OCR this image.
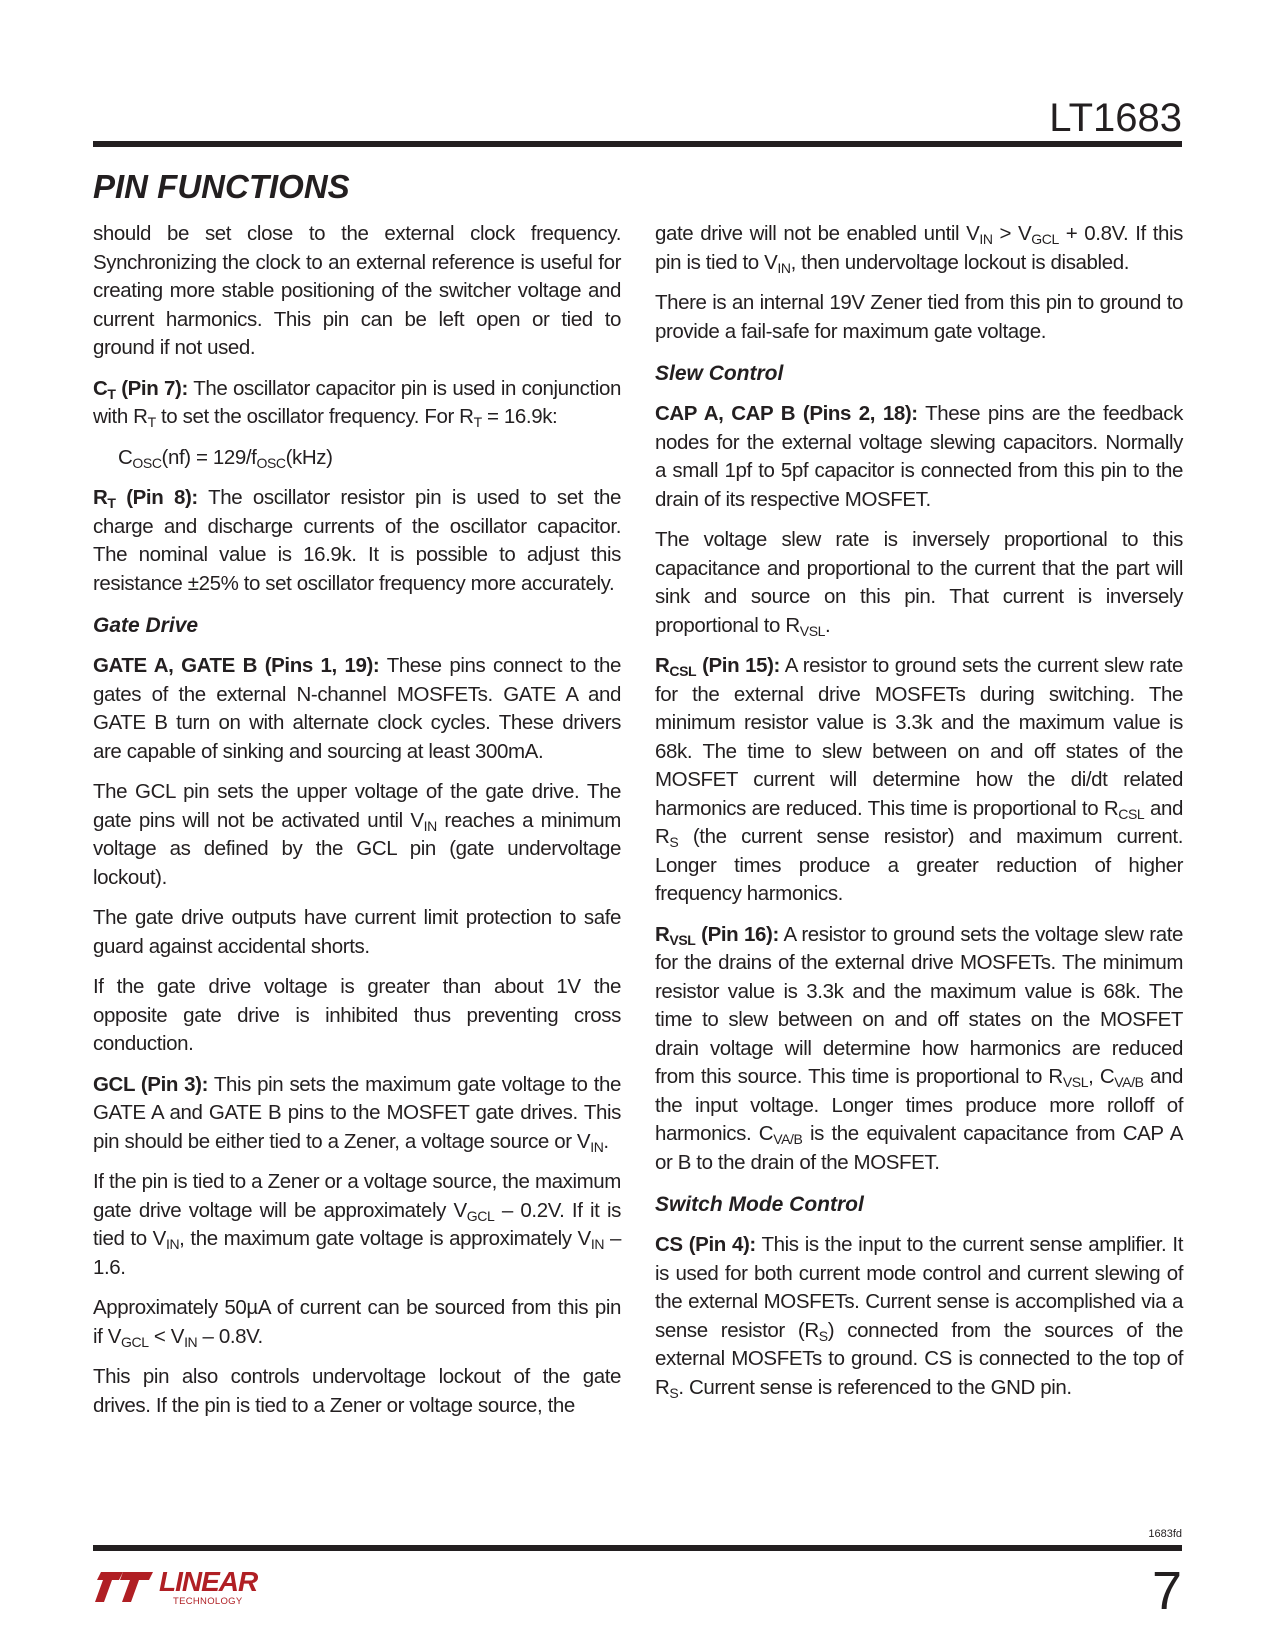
LT1683
PIN FUNCTIONS

should be set close to the external clock frequency. Synchronizing the clock to an external reference is useful for creating more stable positioning of the switcher voltage and current harmonics. This pin can be left open or tied to ground if not used.

$C_T$ (Pin 7): The oscillator capacitor pin is used in conjunction with $R_T$ to set the oscillator frequency. For $R_T = 16.9k$:

$C_{OSC}(nf) = 129/f_{OSC}(kHz)$

$R_T$ (Pin 8): The oscillator resistor pin is used to set the charge and discharge currents of the oscillator capacitor. The nominal value is 16.9k. It is possible to adjust this resistance ±25% to set oscillator frequency more accurately.

Gate Drive

GATE A, GATE B (Pins 1, 19): These pins connect to the gates of the external N-channel MOSFETs. GATE A and GATE B turn on with alternate clock cycles. These drivers are capable of sinking and sourcing at least 300mA.

The GCL pin sets the upper voltage of the gate drive. The gate pins will not be activated until $V_{IN}$ reaches a minimum voltage as defined by the GCL pin (gate undervoltage lockout).

The gate drive outputs have current limit protection to safe guard against accidental shorts.

If the gate drive voltage is greater than about 1V the opposite gate drive is inhibited thus preventing cross conduction.

GCL (Pin 3): This pin sets the maximum gate voltage to the GATE A and GATE B pins to the MOSFET gate drives. This pin should be either tied to a Zener, a voltage source or $V_{IN}$.

If the pin is tied to a Zener or a voltage source, the maximum gate drive voltage will be approximately $V_{GCL} - 0.2V$. If it is tied to $V_{IN}$, the maximum gate voltage is approximately $V_{IN} - 1.6$.

Approximately 50µA of current can be sourced from this pin if $V_{GCL} < V_{IN} - 0.8V$.

This pin also controls undervoltage lockout of the gate drives. If the pin is tied to a Zener or voltage source, the

gate drive will not be enabled until $V_{IN} > V_{GCL} + 0.8V$. If this pin is tied to $V_{IN}$, then undervoltage lockout is disabled.

There is an internal 19V Zener tied from this pin to ground to provide a fail-safe for maximum gate voltage.

Slew Control

CAP A, CAP B (Pins 2, 18): These pins are the feedback nodes for the external voltage slewing capacitors. Normally a small 1pf to 5pf capacitor is connected from this pin to the drain of its respective MOSFET.

The voltage slew rate is inversely proportional to this capacitance and proportional to the current that the part will sink and source on this pin. That current is inversely proportional to $R_{VSL}$.

$R_{CSL}$ (Pin 15): A resistor to ground sets the current slew rate for the external drive MOSFETs during switching. The minimum resistor value is 3.3k and the maximum value is 68k. The time to slew between on and off states of the MOSFET current will determine how the di/dt related harmonics are reduced. This time is proportional to $R_{CSL}$ and $R_S$ (the current sense resistor) and maximum current. Longer times produce a greater reduction of higher frequency harmonics.

$R_{VSL}$ (Pin 16): A resistor to ground sets the voltage slew rate for the drains of the external drive MOSFETs. The minimum resistor value is 3.3k and the maximum value is 68k. The time to slew between on and off states on the MOSFET drain voltage will determine how harmonics are reduced from this source. This time is proportional to $R_{VSL}$, $C_{VA/B}$ and the input voltage. Longer times produce more rolloff of harmonics. $C_{VA/B}$ is the equivalent capacitance from CAP A or B to the drain of the MOSFET.

Switch Mode Control

CS (Pin 4): This is the input to the current sense amplifier. It is used for both current mode control and current slewing of the external MOSFETs. Current sense is accomplished via a sense resistor $(R_S)$ connected from the sources of the external MOSFETs to ground. CS is connected to the top of $R_S$. Current sense is referenced to the GND pin.

1683fd
LINEAR
TECHNOLOGY	7
